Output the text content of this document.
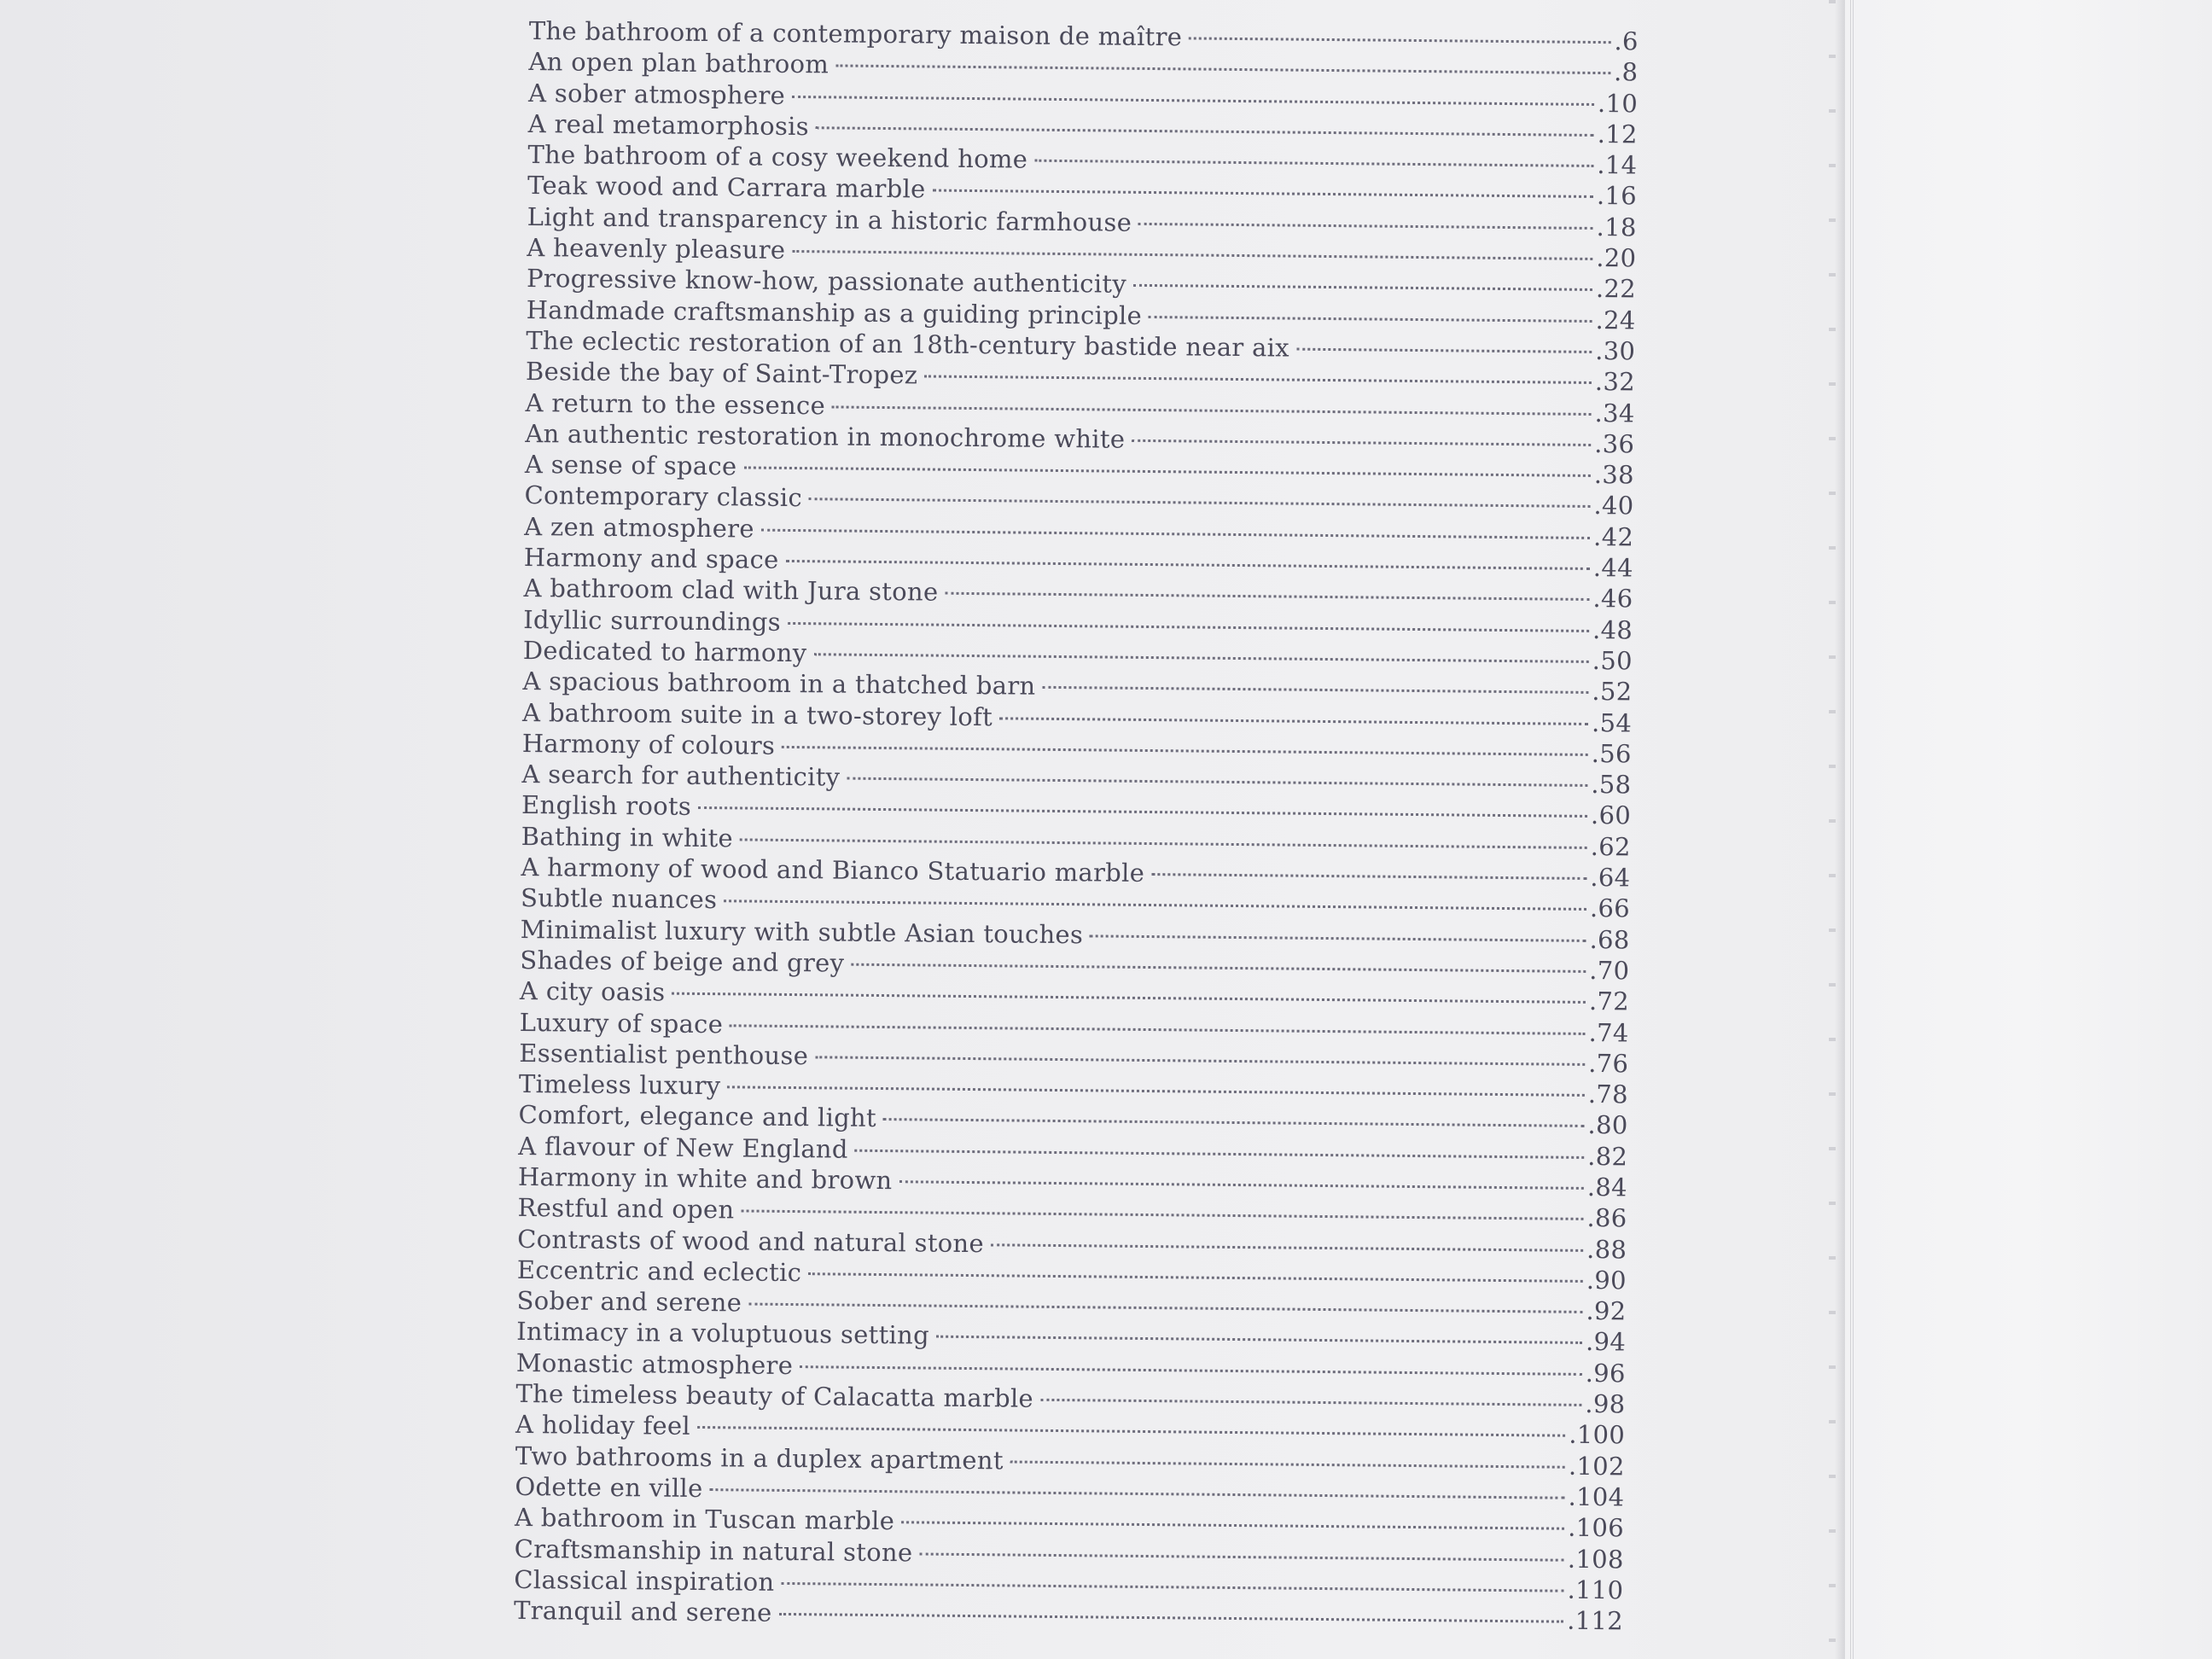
The bathroom of a contemporary maison de maître	. 6
An open plan bathroom	. 8
A sober atmosphere	. 10
A real metamorphosis	. 12
The bathroom of a cosy weekend home	. 14
Teak wood and Carrara marble	. 16
Light and transparency in a historic farmhouse	. 18
A heavenly pleasure	. 20
Progressive know-how, passionate authenticity	. 22
Handmade craftsmanship as a guiding principle	. 24
The eclectic restoration of an 18th-century bastide near aix	. 30
Beside the bay of Saint-Tropez	. 32
A return to the essence	. 34
An authentic restoration in monochrome white	. 36
A sense of space	. 38
Contemporary classic	. 40
A zen atmosphere	. 42
Harmony and space	. 44
A bathroom clad with Jura stone	. 46
Idyllic surroundings	. 48
Dedicated to harmony	. 50
A spacious bathroom in a thatched barn	. 52
A bathroom suite in a two-storey loft	. 54
Harmony of colours	. 56
A search for authenticity	. 58
English roots	. 60
Bathing in white	. 62
A harmony of wood and Bianco Statuario marble	. 64
Subtle nuances	. 66
Minimalist luxury with subtle Asian touches	. 68
Shades of beige and grey	. 70
A city oasis	. 72
Luxury of space	. 74
Essentialist penthouse	. 76
Timeless luxury	. 78
Comfort, elegance and light	. 80
A flavour of New England	. 82
Harmony in white and brown	. 84
Restful and open	. 86
Contrasts of wood and natural stone	. 88
Eccentric and eclectic	. 90
Sober and serene	. 92
Intimacy in a voluptuous setting	. 94
Monastic atmosphere	. 96
The timeless beauty of Calacatta marble	. 98
A holiday feel	. 100
Two bathrooms in a duplex apartment	. 102
Odette en ville	. 104
A bathroom in Tuscan marble	. 106
Craftsmanship in natural stone	. 108
Classical inspiration	. 110
Tranquil and serene	. 112
